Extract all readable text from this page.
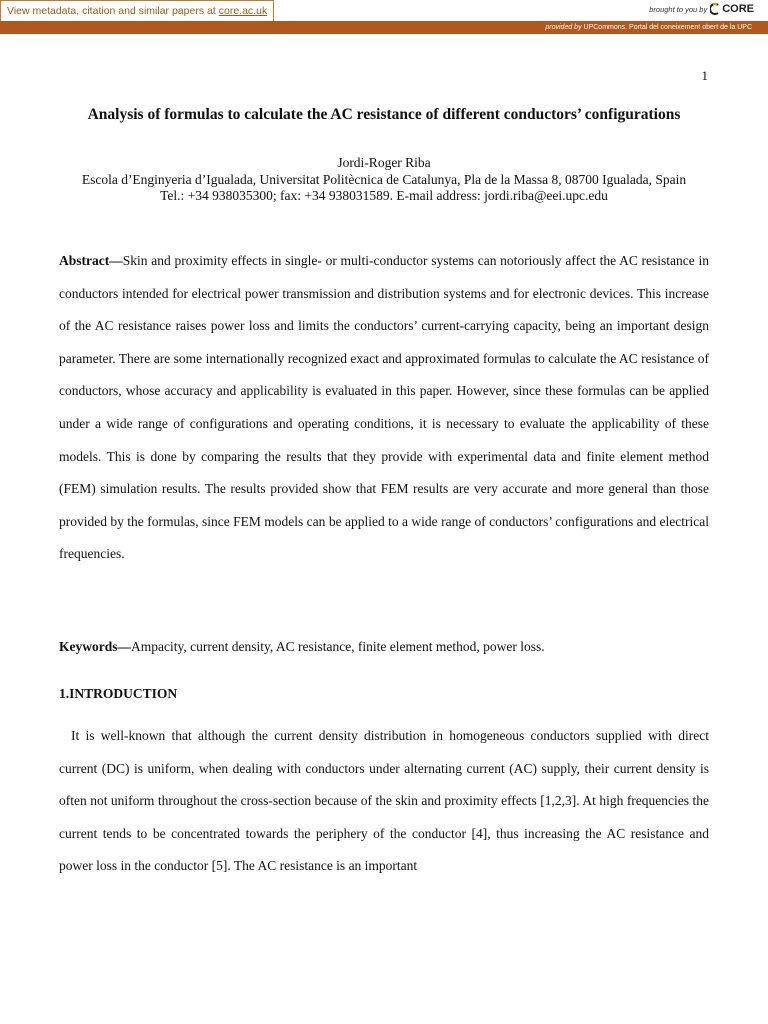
View metadata, citation and similar papers at core.ac.uk	brought to you by CORE
provided by UPCommons. Portal del coneixement obert de la UPC
1
Analysis of formulas to calculate the AC resistance of different conductors’ configurations
Jordi-Roger Riba
Escola d’Enginyeria d’Igualada, Universitat Politècnica de Catalunya, Pla de la Massa 8, 08700 Igualada, Spain
Tel.: +34 938035300; fax: +34 938031589. E-mail address: jordi.riba@eei.upc.edu
Abstract—Skin and proximity effects in single- or multi-conductor systems can notoriously affect the AC resistance in conductors intended for electrical power transmission and distribution systems and for electronic devices. This increase of the AC resistance raises power loss and limits the conductors’ current-carrying capacity, being an important design parameter. There are some internationally recognized exact and approximated formulas to calculate the AC resistance of conductors, whose accuracy and applicability is evaluated in this paper. However, since these formulas can be applied under a wide range of configurations and operating conditions, it is necessary to evaluate the applicability of these models. This is done by comparing the results that they provide with experimental data and finite element method (FEM) simulation results. The results provided show that FEM results are very accurate and more general than those provided by the formulas, since FEM models can be applied to a wide range of conductors’ configurations and electrical frequencies.
Keywords—Ampacity, current density, AC resistance, finite element method, power loss.
1.INTRODUCTION
It is well-known that although the current density distribution in homogeneous conductors supplied with direct current (DC) is uniform, when dealing with conductors under alternating current (AC) supply, their current density is often not uniform throughout the cross-section because of the skin and proximity effects [1,2,3]. At high frequencies the current tends to be concentrated towards the periphery of the conductor [4], thus increasing the AC resistance and power loss in the conductor [5]. The AC resistance is an important
